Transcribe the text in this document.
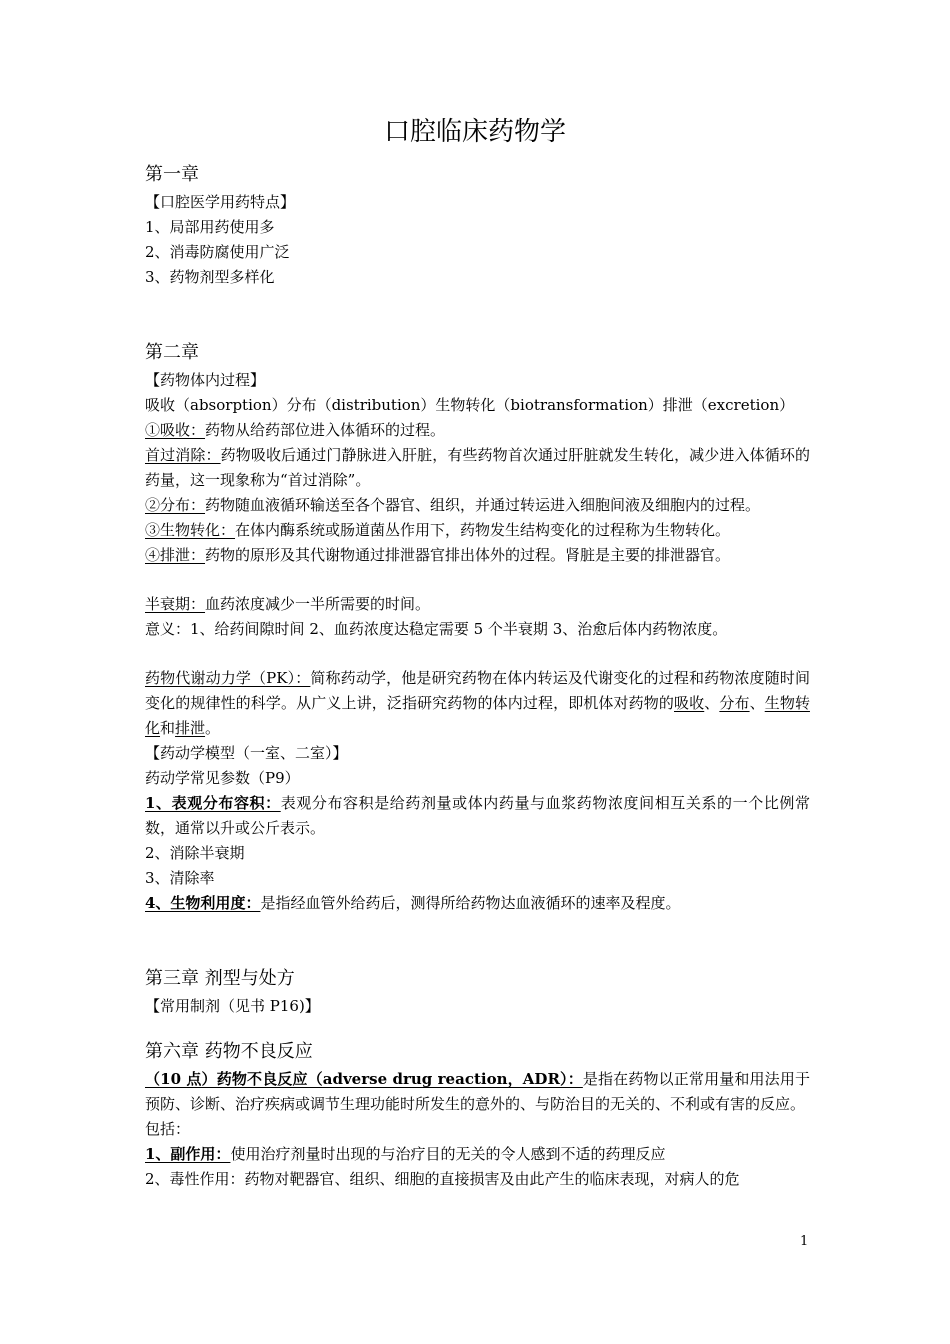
口腔临床药物学
第一章
【口腔医学用药特点】
1、局部用药使用多
2、消毒防腐使用广泛
3、药物剂型多样化
第二章
【药物体内过程】
吸收（absorption）分布（distribution）生物转化（biotransformation）排泄（excretion）
①吸收：药物从给药部位进入体循环的过程。
首过消除：药物吸收后通过门静脉进入肝脏，有些药物首次通过肝脏就发生转化，减少进入体循环的药量，这一现象称为“首过消除”。
②分布：药物随血液循环输送至各个器官、组织，并通过转运进入细胞间液及细胞内的过程。
③生物转化：在体内酶系统或肠道菌丛作用下，药物发生结构变化的过程称为生物转化。
④排泄：药物的原形及其代谢物通过排泄器官排出体外的过程。肾脏是主要的排泄器官。
半衰期：血药浓度减少一半所需要的时间。
意义：1、给药间隙时间 2、血药浓度达稳定需要 5 个半衰期 3、治愈后体内药物浓度。
药物代谢动力学（PK）：简称药动学，他是研究药物在体内转运及代谢变化的过程和药物浓度随时间变化的规律性的科学。从广义上讲，泛指研究药物的体内过程，即机体对药物的吸收、分布、生物转化和排泄。
【药动学模型（一室、二室）】
药动学常见参数（P9）
1、表观分布容积：表观分布容积是给药剂量或体内药量与血浆药物浓度间相互关系的一个比例常数，通常以升或公斤表示。
2、消除半衰期
3、清除率
4、生物利用度：是指经血管外给药后，测得所给药物达血液循环的速率及程度。
第三章 剂型与处方
【常用制剂（见书 P16)】
第六章 药物不良反应
（10 点）药物不良反应（adverse drug reaction，ADR）：是指在药物以正常用量和用法用于预防、诊断、治疗疾病或调节生理功能时所发生的意外的、与防治目的无关的、不利或有害的反应。
包括：
1、副作用：使用治疗剂量时出现的与治疗目的无关的令人感到不适的药理反应
2、毒性作用：药物对靶器官、组织、细胞的直接损害及由此产生的临床表现，对病人的危
1
